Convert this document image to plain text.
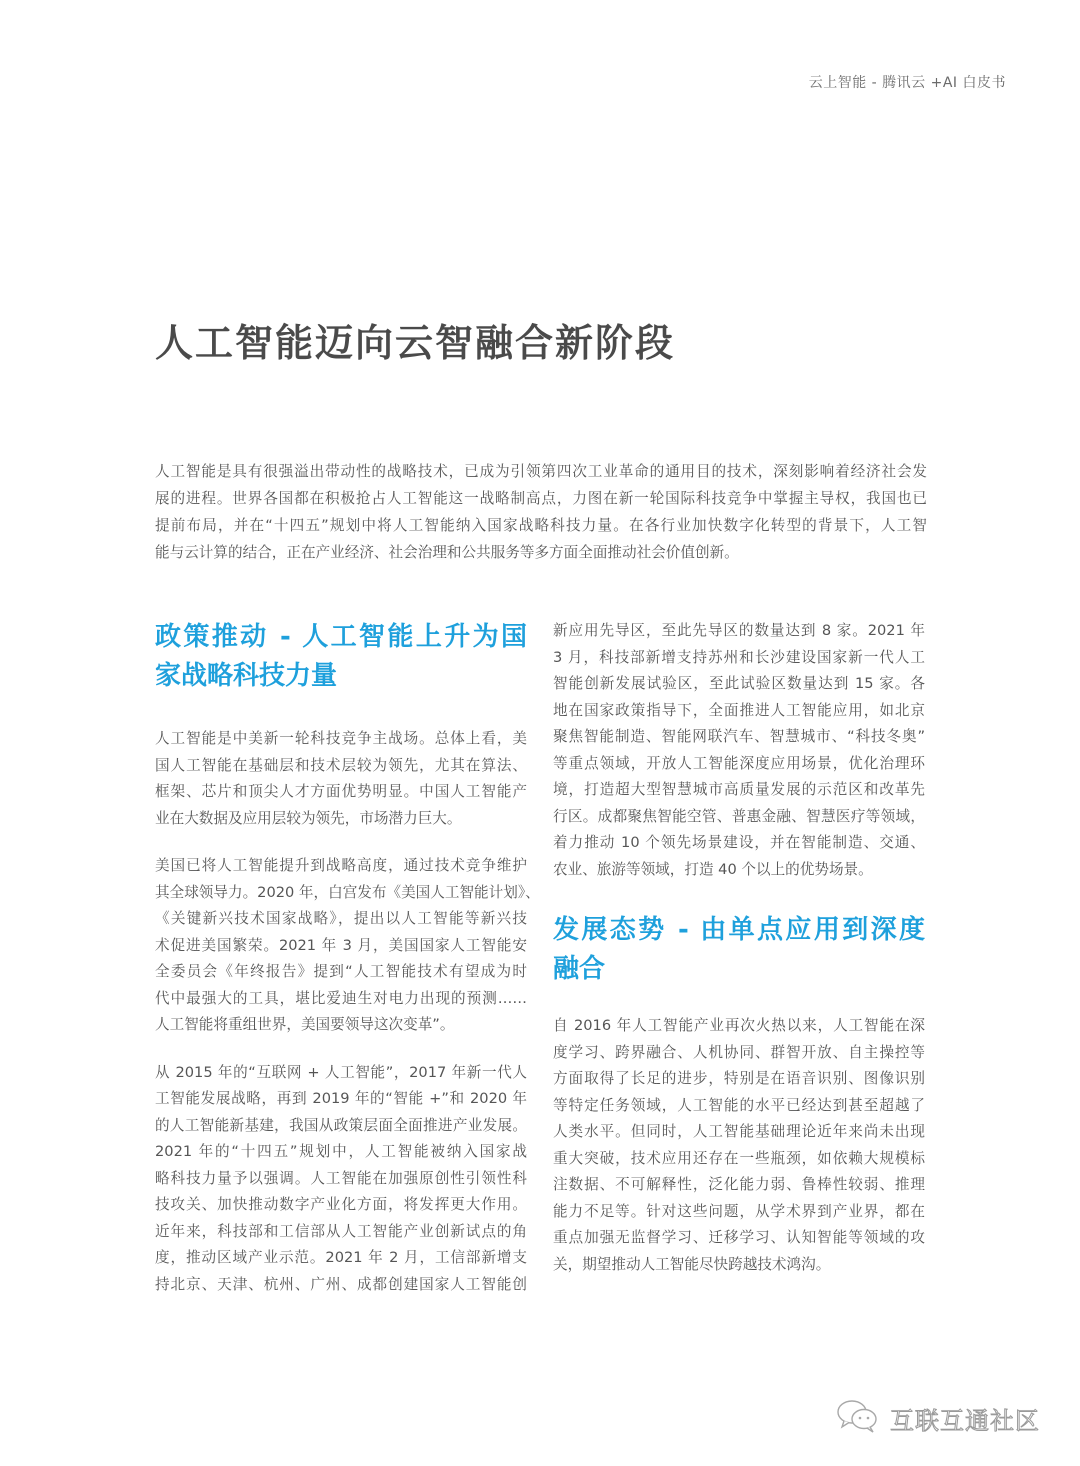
云上智能 - 腾讯云 +AI 白皮书
人工智能迈向云智融合新阶段

人工智能是具有很强溢出带动性的战略技术，已成为引领第四次工业革命的通用目的技术，深刻影响着经济社会发
展的进程。世界各国都在积极抢占人工智能这一战略制高点，力图在新一轮国际科技竞争中掌握主导权，我国也已
提前布局，并在“十四五”规划中将人工智能纳入国家战略科技力量。在各行业加快数字化转型的背景下，人工智
能与云计算的结合，正在产业经济、社会治理和公共服务等多方面全面推动社会价值创新。

政策推动 - 人工智能上升为国
家战略科技力量

人工智能是中美新一轮科技竞争主战场。总体上看，美
国人工智能在基础层和技术层较为领先，尤其在算法、
框架、芯片和顶尖人才方面优势明显。中国人工智能产
业在大数据及应用层较为领先，市场潜力巨大。

美国已将人工智能提升到战略高度，通过技术竞争维护
其全球领导力。2020 年，白宫发布《美国人工智能计划》、
《关键新兴技术国家战略》，提出以人工智能等新兴技
术促进美国繁荣。2021 年 3 月，美国国家人工智能安
全委员会《年终报告》提到“人工智能技术有望成为时
代中最强大的工具，堪比爱迪生对电力出现的预测……
人工智能将重组世界，美国要领导这次变革”。

从 2015 年的“互联网 + 人工智能”，2017 年新一代人
工智能发展战略，再到 2019 年的“智能 +”和 2020 年
的人工智能新基建，我国从政策层面全面推进产业发展。
2021 年的“十四五”规划中，人工智能被纳入国家战
略科技力量予以强调。人工智能在加强原创性引领性科
技攻关、加快推动数字产业化方面，将发挥更大作用。
近年来，科技部和工信部从人工智能产业创新试点的角
度，推动区域产业示范。2021 年 2 月，工信部新增支
持北京、天津、杭州、广州、成都创建国家人工智能创

新应用先导区，至此先导区的数量达到 8 家。2021 年
3 月，科技部新增支持苏州和长沙建设国家新一代人工
智能创新发展试验区，至此试验区数量达到 15 家。各
地在国家政策指导下，全面推进人工智能应用，如北京
聚焦智能制造、智能网联汽车、智慧城市、“科技冬奥”
等重点领域，开放人工智能深度应用场景，优化治理环
境，打造超大型智慧城市高质量发展的示范区和改革先
行区。成都聚焦智能空管、普惠金融、智慧医疗等领域，
着力推动 10 个领先场景建设，并在智能制造、交通、
农业、旅游等领域，打造 40 个以上的优势场景。

发展态势 - 由单点应用到深度
融合

自 2016 年人工智能产业再次火热以来，人工智能在深
度学习、跨界融合、人机协同、群智开放、自主操控等
方面取得了长足的进步，特别是在语音识别、图像识别
等特定任务领域，人工智能的水平已经达到甚至超越了
人类水平。但同时，人工智能基础理论近年来尚未出现
重大突破，技术应用还存在一些瓶颈，如依赖大规模标
注数据、不可解释性，泛化能力弱、鲁棒性较弱、推理
能力不足等。针对这些问题，从学术界到产业界，都在
重点加强无监督学习、迁移学习、认知智能等领域的攻
关，期望推动人工智能尽快跨越技术鸿沟。

互联互通社区
